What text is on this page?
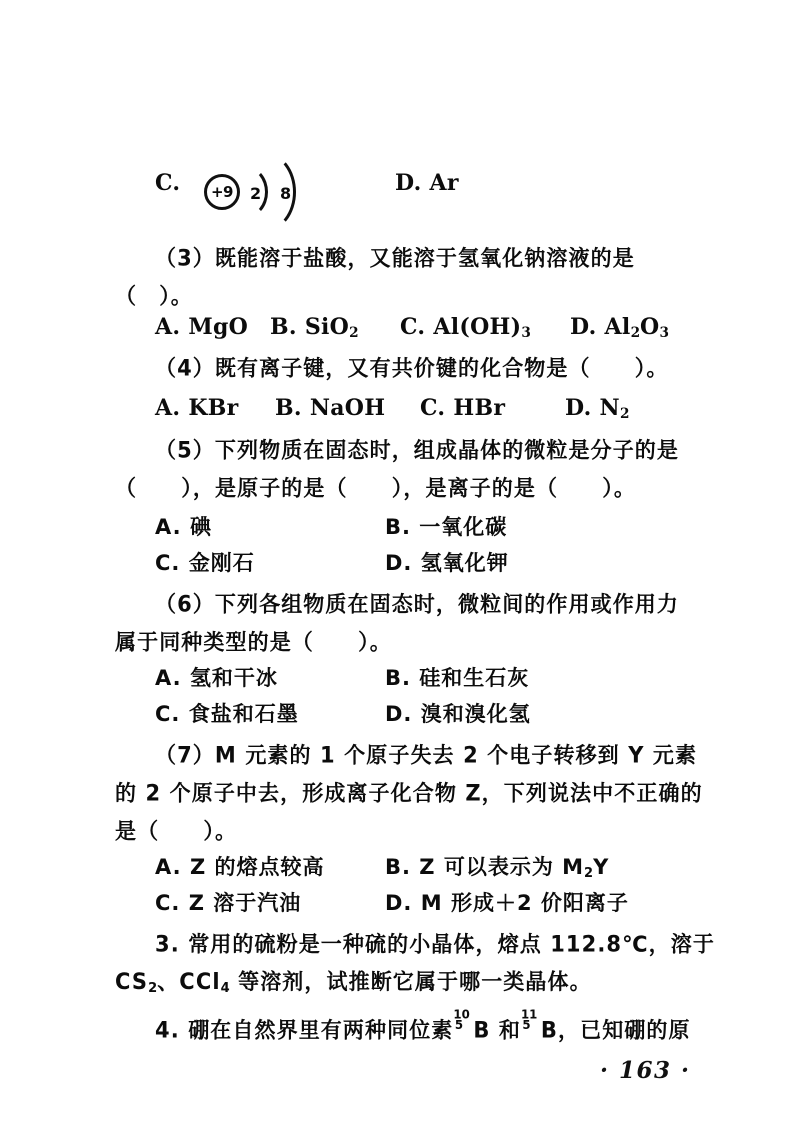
C.	+9	2 8	D. Ar
（3）既能溶于盐酸，又能溶于氢氧化钠溶液的是
（　）。
A. MgO B. SiO$_2$ C. $Al(OH)_3$ D. $Al_2O_3$
（4）既有离子键，又有共价键的化合物是（　　）。
A. KBr B. NaOH C. HBr	D. $N_2$
（5）下列物质在固态时，组成晶体的微粒是分子的是
（　　），是原子的是（　　），是离子的是（　　）。
A. 碘	B. 一氧化碳
C. 金刚石	D. 氢氧化钾
（6）下列各组物质在固态时，微粒间的作用或作用力
属于同种类型的是（　　）。
A. 氢和干冰	B. 硅和生石灰
C. 食盐和石墨	D. 溴和溴化氢
（7）M 元素的 1 个原子失去 2 个电子转移到 Y 元素
的 2 个原子中去，形成离子化合物 Z，下列说法中不正确的
是（　　）。
A. Z 的熔点较高	B. Z 可以表示为 $M_2Y$
C. Z 溶于汽油	D. M 形成＋2 价阳离子
3. 常用的硫粉是一种硫的小晶体，熔点 112.8℃，溶于
$CS_2$、CCl$_4$ 等溶剂，试推断它属于哪一类晶体。
4. 硼在自然界里有两种同位素
10
5 B 和
11
5 B，已知硼的原
· 163 ·
